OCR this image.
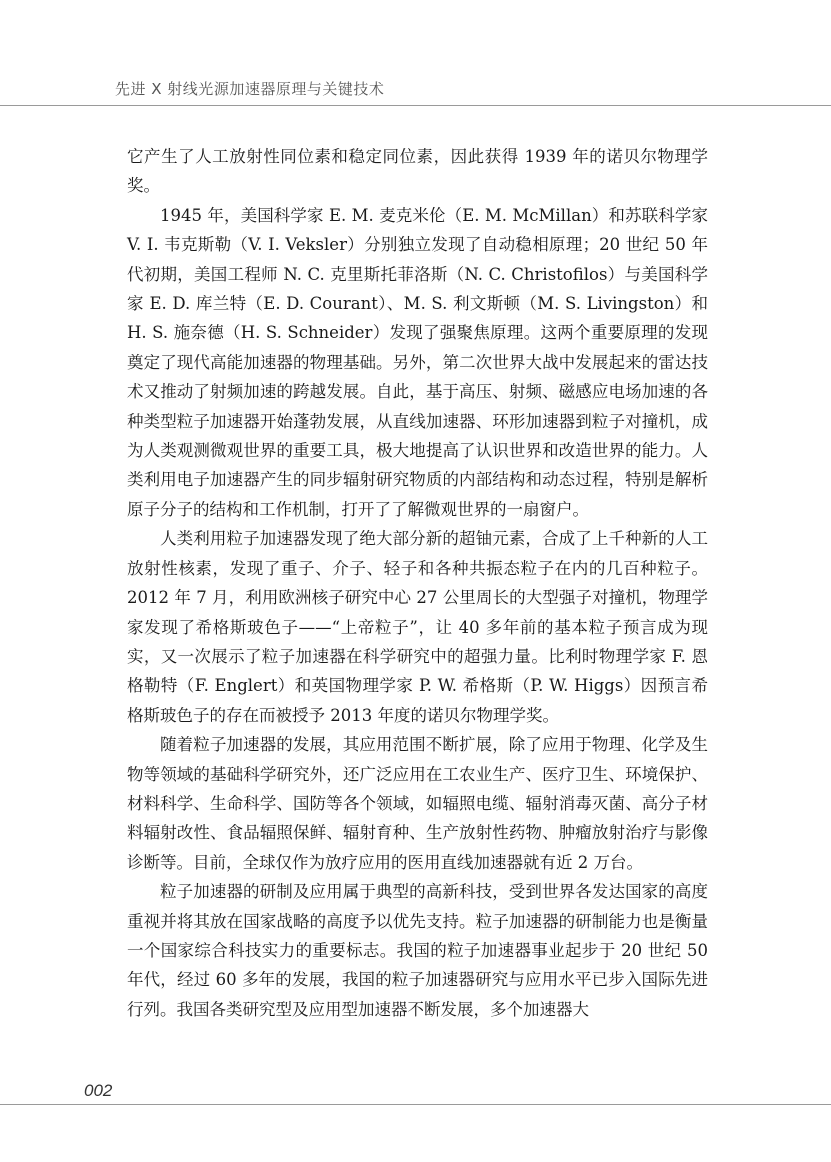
先进 X 射线光源加速器原理与关键技术

它产生了人工放射性同位素和稳定同位素，因此获得 1939 年的诺贝尔物理学奖。

1945 年，美国科学家 E. M. 麦克米伦（E. M. McMillan）和苏联科学家 V. I. 韦克斯勒（V. I. Veksler）分别独立发现了自动稳相原理；20 世纪 50 年代初期，美国工程师 N. C. 克里斯托菲洛斯（N. C. Christofilos）与美国科学家 E. D. 库兰特（E. D. Courant）、M. S. 利文斯顿（M. S. Livingston）和 H. S. 施奈德（H. S. Schneider）发现了强聚焦原理。这两个重要原理的发现奠定了现代高能加速器的物理基础。另外，第二次世界大战中发展起来的雷达技术又推动了射频加速的跨越发展。自此，基于高压、射频、磁感应电场加速的各种类型粒子加速器开始蓬勃发展，从直线加速器、环形加速器到粒子对撞机，成为人类观测微观世界的重要工具，极大地提高了认识世界和改造世界的能力。人类利用电子加速器产生的同步辐射研究物质的内部结构和动态过程，特别是解析原子分子的结构和工作机制，打开了了解微观世界的一扇窗户。

人类利用粒子加速器发现了绝大部分新的超铀元素，合成了上千种新的人工放射性核素，发现了重子、介子、轻子和各种共振态粒子在内的几百种粒子。2012 年 7 月，利用欧洲核子研究中心 27 公里周长的大型强子对撞机，物理学家发现了希格斯玻色子——“上帝粒子”，让 40 多年前的基本粒子预言成为现实，又一次展示了粒子加速器在科学研究中的超强力量。比利时物理学家 F. 恩格勒特（F. Englert）和英国物理学家 P. W. 希格斯（P. W. Higgs）因预言希格斯玻色子的存在而被授予 2013 年度的诺贝尔物理学奖。

随着粒子加速器的发展，其应用范围不断扩展，除了应用于物理、化学及生物等领域的基础科学研究外，还广泛应用在工农业生产、医疗卫生、环境保护、材料科学、生命科学、国防等各个领域，如辐照电缆、辐射消毒灭菌、高分子材料辐射改性、食品辐照保鲜、辐射育种、生产放射性药物、肿瘤放射治疗与影像诊断等。目前，全球仅作为放疗应用的医用直线加速器就有近 2 万台。

粒子加速器的研制及应用属于典型的高新科技，受到世界各发达国家的高度重视并将其放在国家战略的高度予以优先支持。粒子加速器的研制能力也是衡量一个国家综合科技实力的重要标志。我国的粒子加速器事业起步于 20 世纪 50 年代，经过 60 多年的发展，我国的粒子加速器研究与应用水平已步入国际先进行列。我国各类研究型及应用型加速器不断发展，多个加速器大

002
